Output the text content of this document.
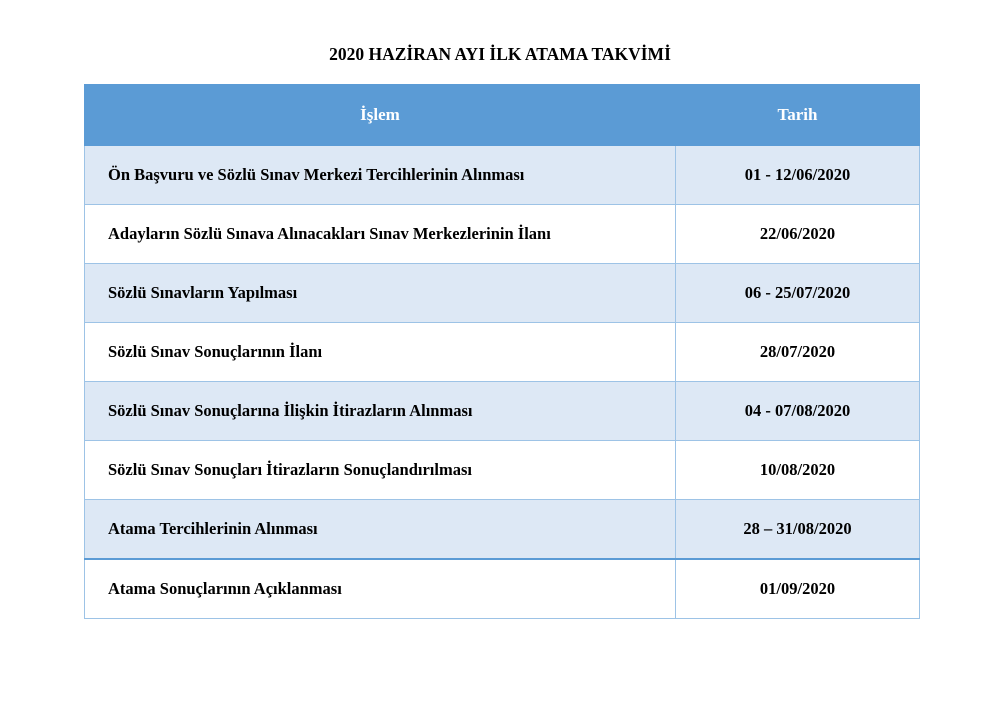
2020 HAZİRAN AYI İLK ATAMA TAKVİMİ
İşlem	Tarih
Ön Başvuru ve Sözlü Sınav Merkezi Tercihlerinin Alınması	01 - 12/06/2020
Adayların Sözlü Sınava Alınacakları Sınav Merkezlerinin İlanı	22/06/2020
Sözlü Sınavların Yapılması	06 - 25/07/2020
Sözlü Sınav Sonuçlarının İlanı	28/07/2020
Sözlü Sınav Sonuçlarına İlişkin İtirazların Alınması	04 - 07/08/2020
Sözlü Sınav Sonuçları İtirazların Sonuçlandırılması	10/08/2020
Atama Tercihlerinin Alınması	28 – 31/08/2020
Atama Sonuçlarının Açıklanması	01/09/2020
